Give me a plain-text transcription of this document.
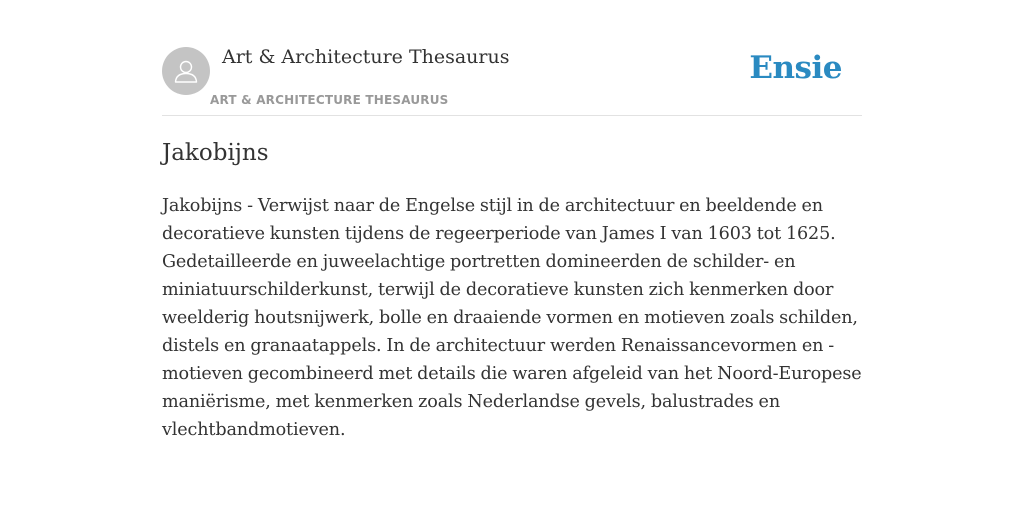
Art & Architecture Thesaurus
ART & ARCHITECTURE THESAURUS
Ensie
Jakobijns

Jakobijns - Verwijst naar de Engelse stijl in de architectuur en beeldende en decoratieve kunsten tijdens de regeerperiode van James I van 1603 tot 1625. Gedetailleerde en juweelachtige portretten domineerden de schilder- en miniatuurschilderkunst, terwijl de decoratieve kunsten zich kenmerken door weelderig houtsnijwerk, bolle en draaiende vormen en motieven zoals schilden, distels en granaatappels. In de architectuur werden Renaissancevormen en -motieven gecombineerd met details die waren afgeleid van het Noord-Europese maniërisme, met kenmerken zoals Nederlandse gevels, balustrades en vlechtbandmotieven.
